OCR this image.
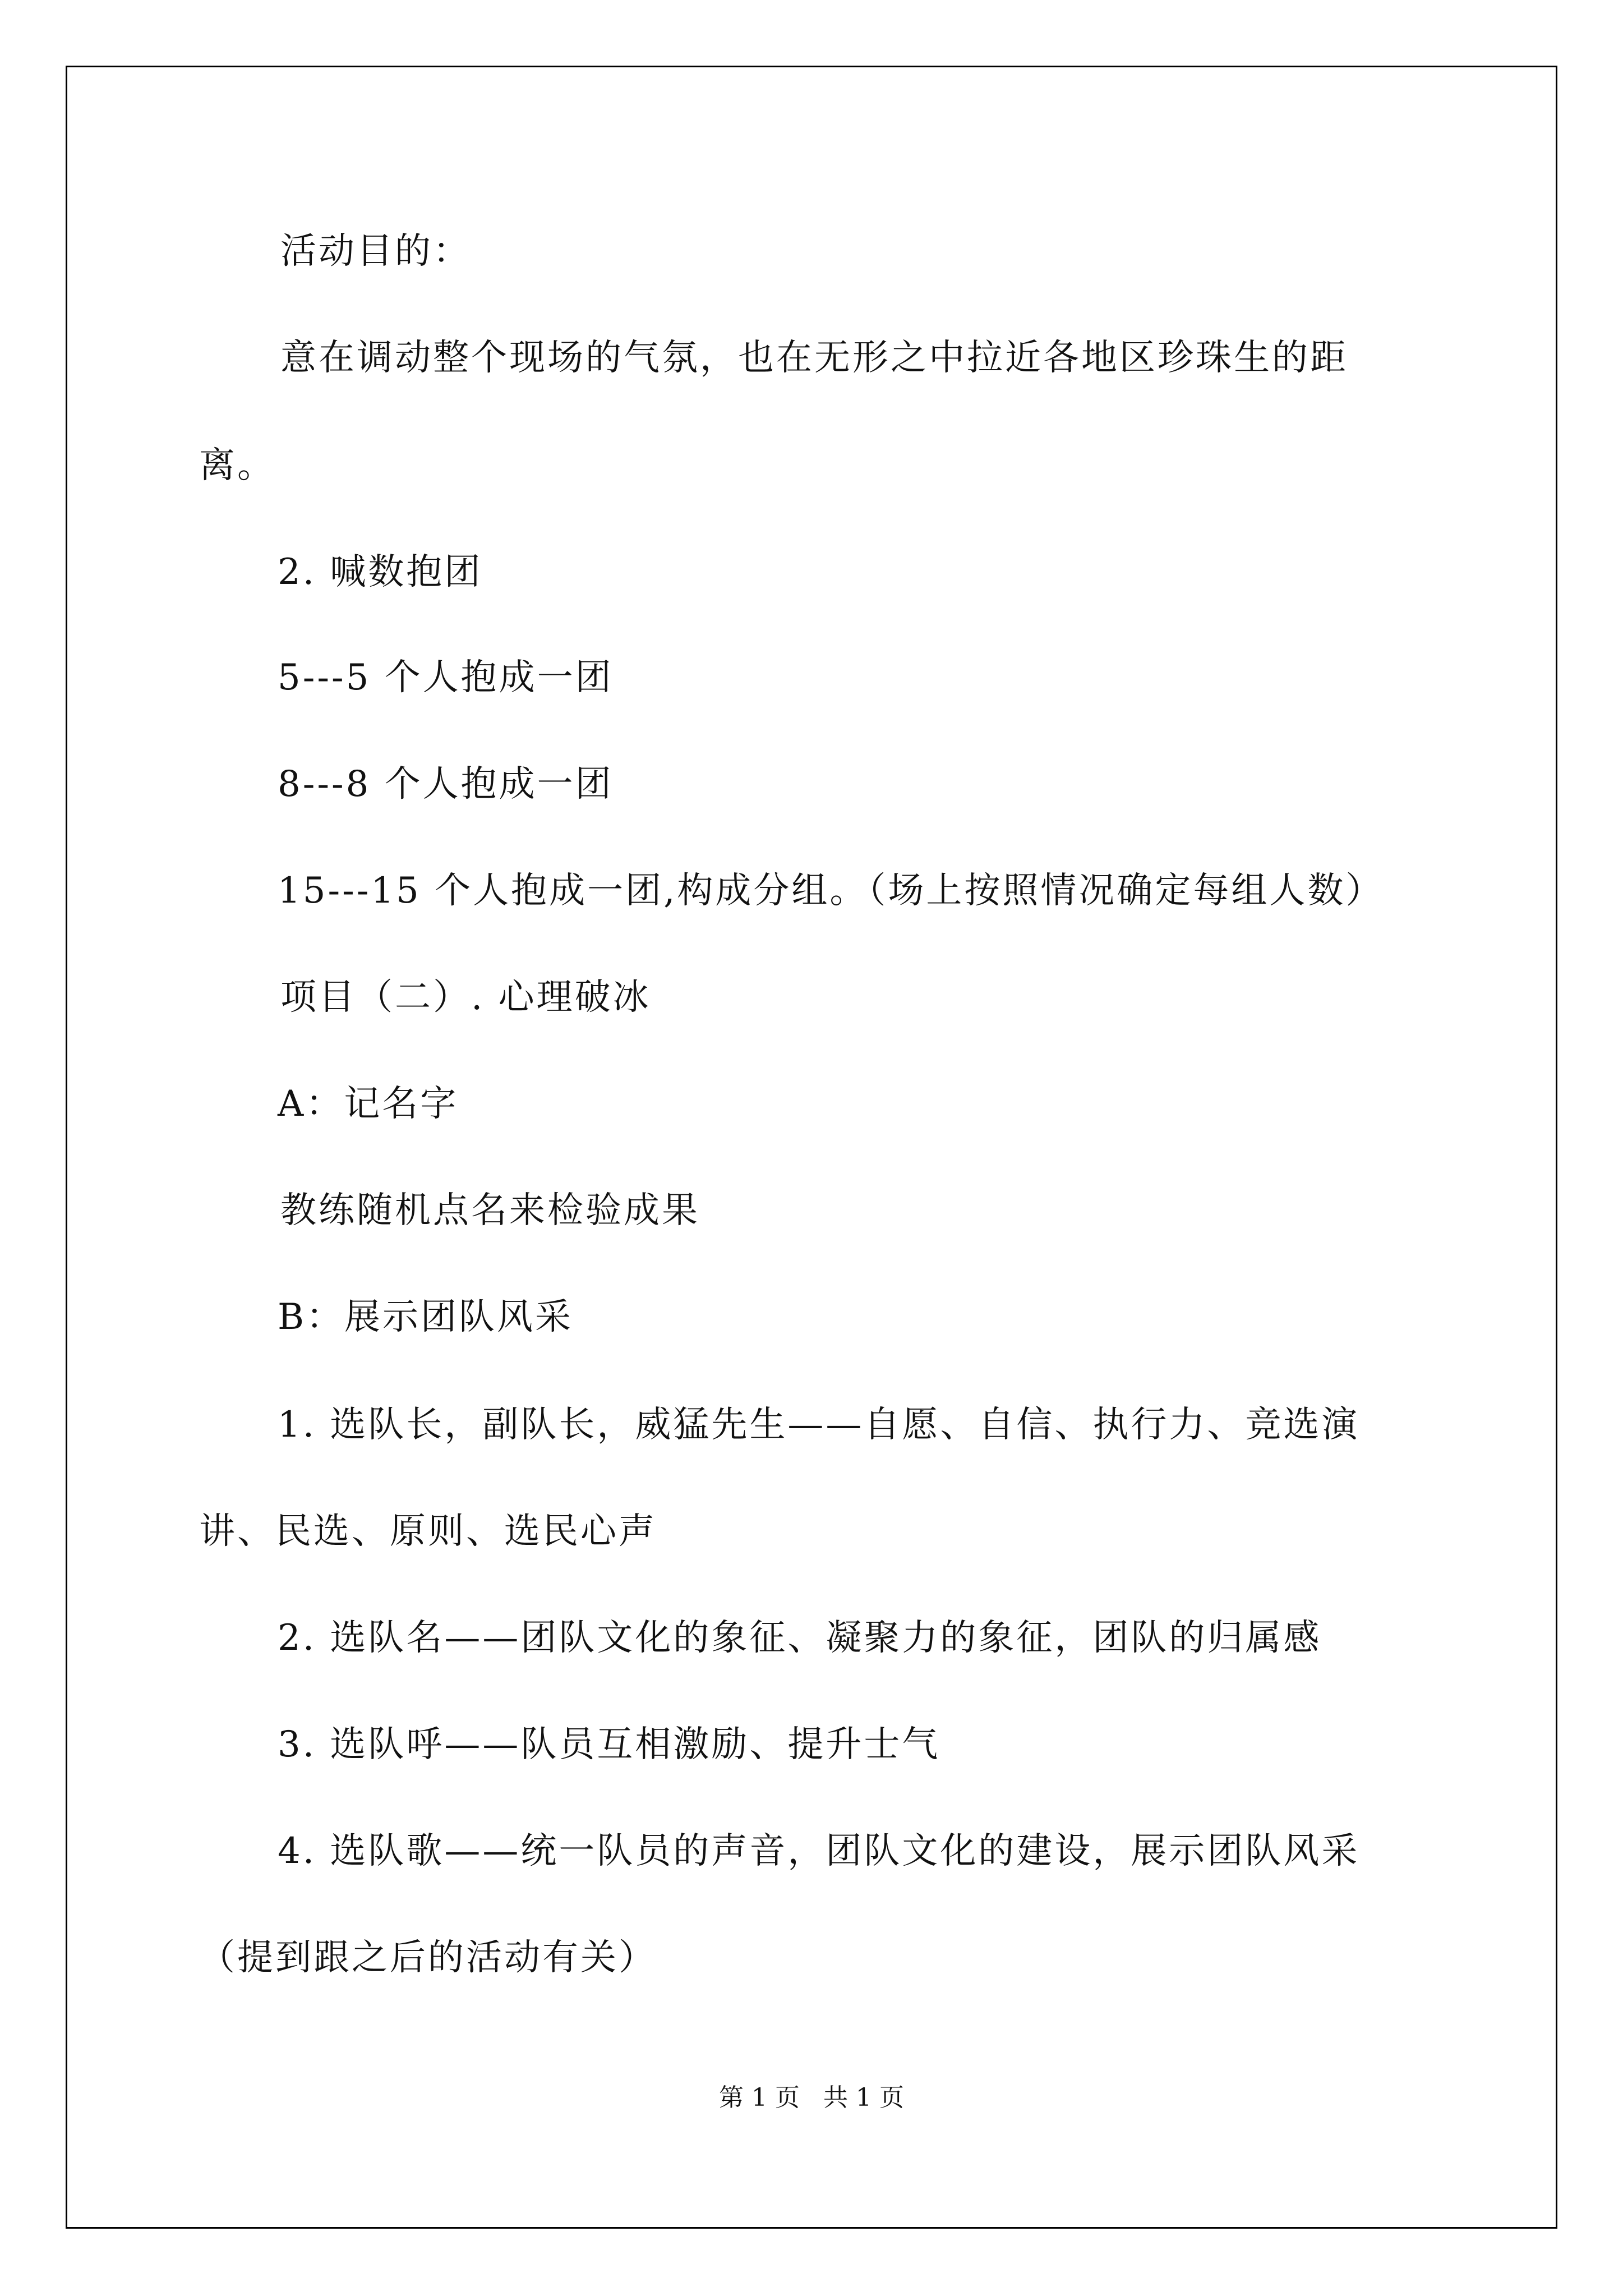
活动目的：
意在调动整个现场的气氛，也在无形之中拉近各地区珍珠生的距
离。
2. 喊数抱团
5---5 个人抱成一团
8---8 个人抱成一团
15---15 个人抱成一团,构成分组。（场上按照情况确定每组人数）
项目（二）. 心理破冰
A：记名字
教练随机点名来检验成果
B：展示团队风采
1. 选队长，副队长，威猛先生——自愿、自信、执行力、竞选演
讲、民选、原则、选民心声
2. 选队名——团队文化的象征、凝聚力的象征，团队的归属感
3. 选队呼——队员互相激励、提升士气
4. 选队歌——统一队员的声音，团队文化的建设，展示团队风采
（提到跟之后的活动有关）
第 1 页   共 1 页
